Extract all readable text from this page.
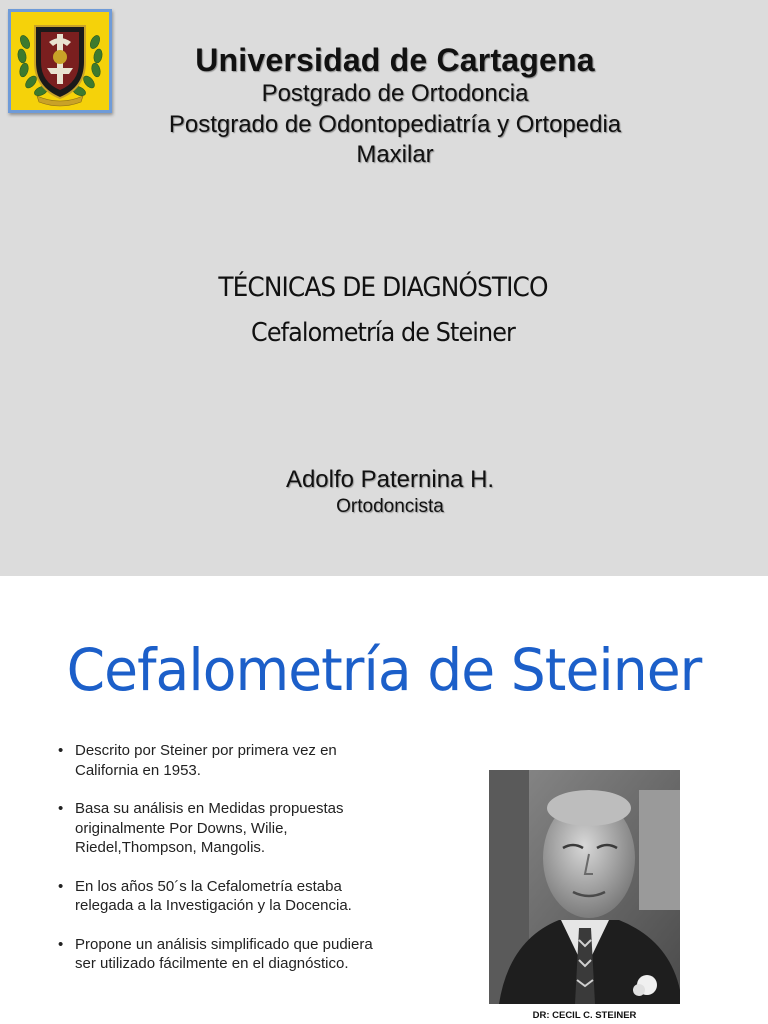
Universidad de Cartagena
Postgrado de Ortodoncia
Postgrado de Odontopediatría y Ortopedia
Maxilar
TÉCNICAS DE DIAGNÓSTICO
Cefalometría de Steiner
Adolfo Paternina H.
Ortodoncista
Cefalometría de Steiner
• Descrito por Steiner por primera vez en California en 1953.
• Basa su análisis en Medidas propuestas originalmente Por Downs, Wilie, Riedel,Thompson, Mangolis.
• En los años 50´s la Cefalometría estaba relegada a la Investigación y la Docencia.
• Propone un análisis simplificado que pudiera ser utilizado fácilmente en el diagnóstico.
DR: CECIL C. STEINER
